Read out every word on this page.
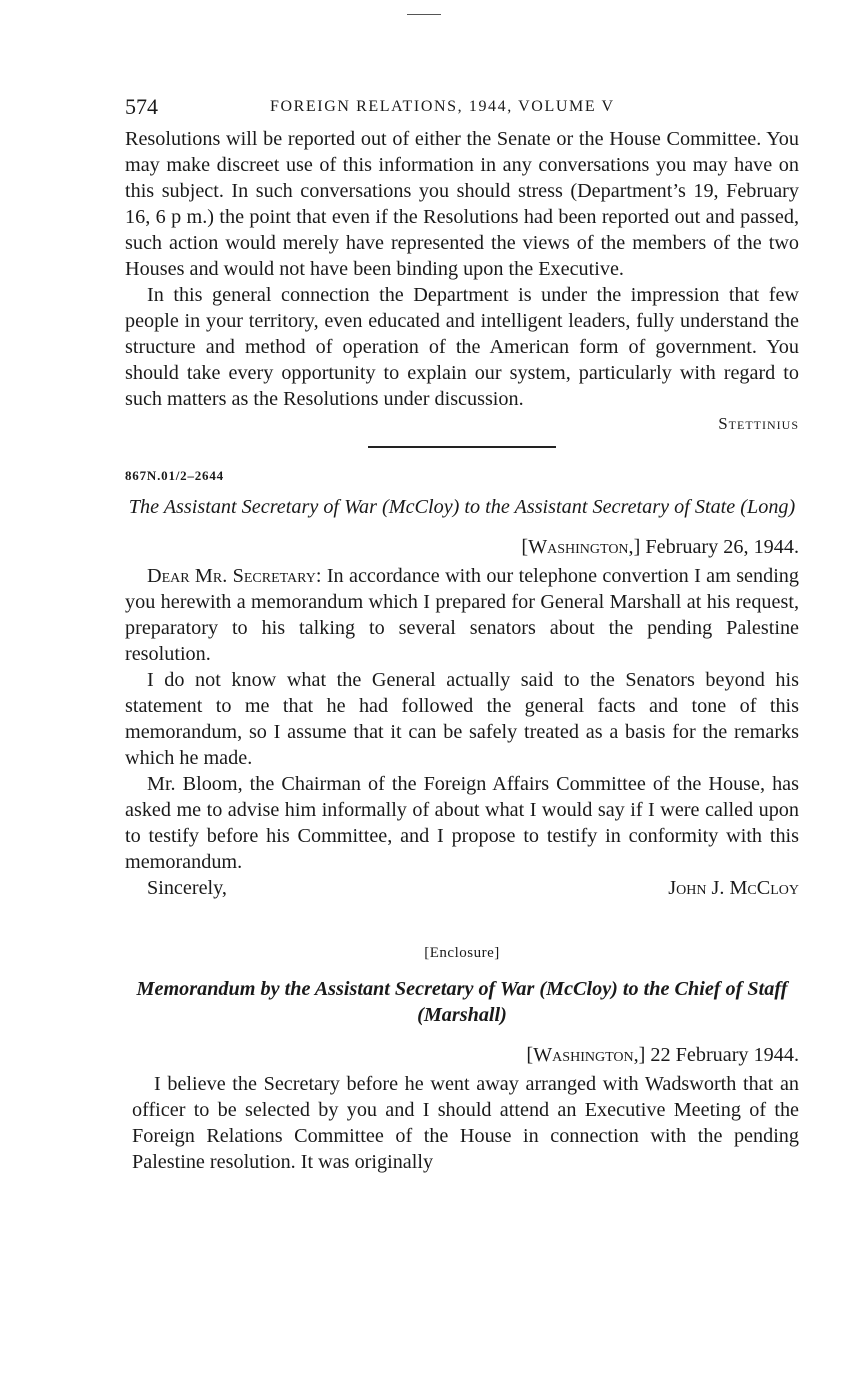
574	FOREIGN RELATIONS, 1944, VOLUME V

Resolutions will be reported out of either the Senate or the House Committee. You may make discreet use of this information in any conversations you may have on this subject. In such conversations you should stress (Department’s 19, February 16, 6 p m.) the point that even if the Resolutions had been reported out and passed, such action would merely have represented the views of the members of the two Houses and would not have been binding upon the Executive.

In this general connection the Department is under the impression that few people in your territory, even educated and intelligent leaders, fully understand the structure and method of operation of the American form of government. You should take every opportunity to explain our system, particularly with regard to such matters as the Resolutions under discussion.

Stettinius

867N.01/2–2644

The Assistant Secretary of War (McCloy) to the Assistant Secretary of State (Long)

[Washington,] February 26, 1944.

Dear Mr. Secretary: In accordance with our telephone convertion I am sending you herewith a memorandum which I prepared for General Marshall at his request, preparatory to his talking to several senators about the pending Palestine resolution.

I do not know what the General actually said to the Senators beyond his statement to me that he had followed the general facts and tone of this memorandum, so I assume that it can be safely treated as a basis for the remarks which he made.

Mr. Bloom, the Chairman of the Foreign Affairs Committee of the House, has asked me to advise him informally of about what I would say if I were called upon to testify before his Committee, and I propose to testify in conformity with this memorandum.

Sincerely,	John J. McCloy

[Enclosure]

Memorandum by the Assistant Secretary of War (McCloy) to the Chief of Staff (Marshall)

[Washington,] 22 February 1944.

I believe the Secretary before he went away arranged with Wadsworth that an officer to be selected by you and I should attend an Executive Meeting of the Foreign Relations Committee of the House in connection with the pending Palestine resolution. It was originally
